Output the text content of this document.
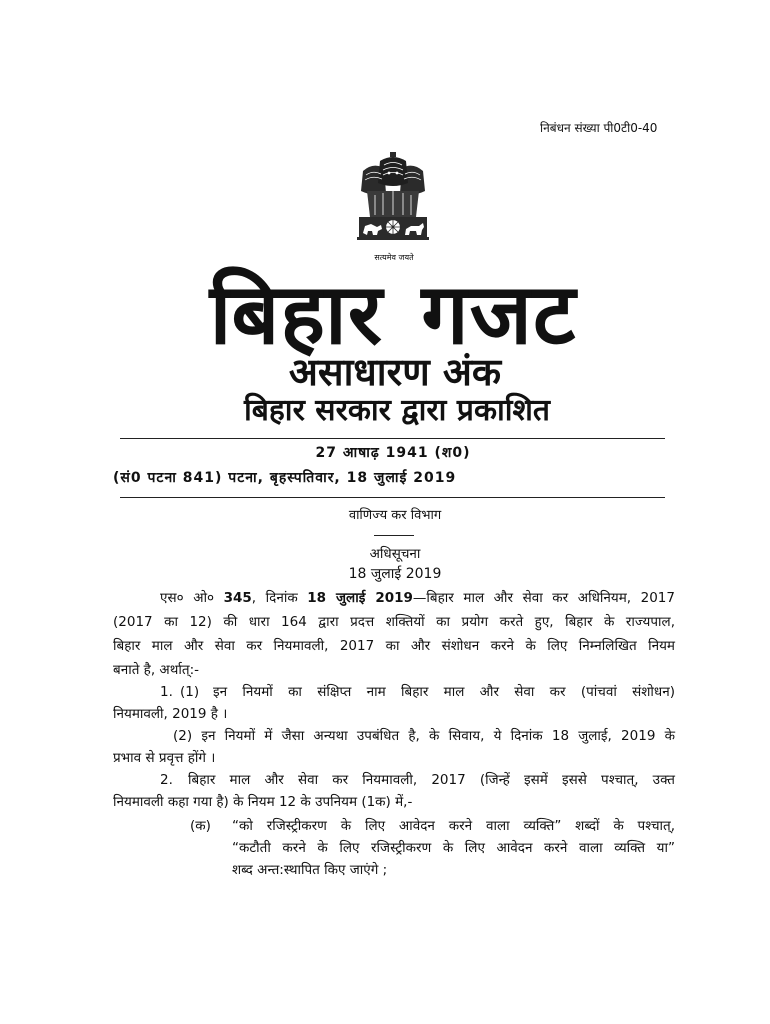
निबंधन संख्या पी0टी0-40
सत्यमेव जयते
बिहार गजट
असाधारण अंक
बिहार सरकार द्वारा प्रकाशित
27 आषाढ़ 1941 (श0)
(सं0 पटना 841) पटना, बृहस्पतिवार, 18 जुलाई 2019
वाणिज्य कर विभाग
अधिसूचना
18 जुलाई 2019
एस० ओ० 345, दिनांक 18 जुलाई 2019—बिहार माल और सेवा कर अधिनियम, 2017
(2017 का 12) की धारा 164 द्वारा प्रदत्त शक्तियों का प्रयोग करते हुए, बिहार के राज्यपाल,
बिहार माल और सेवा कर नियमावली, 2017 का और संशोधन करने के लिए निम्नलिखित नियम
बनाते है, अर्थात्:-
1. (1) इन नियमों का संक्षिप्त नाम बिहार माल और सेवा कर (पांचवां संशोधन)
नियमावली, 2019 है ।
(2) इन नियमों में जैसा अन्यथा उपबंधित है, के सिवाय, ये दिनांक 18 जुलाई, 2019 के
प्रभाव से प्रवृत्त होंगे ।
2. बिहार माल और सेवा कर नियमावली, 2017 (जिन्हें इसमें इससे पश्चात्, उक्त
नियमावली कहा गया है) के नियम 12 के उपनियम (1क) में,-
(क) “को रजिस्ट्रीकरण के लिए आवेदन करने वाला व्यक्ति” शब्दों के पश्चात्,
“कटौती करने के लिए रजिस्ट्रीकरण के लिए आवेदन करने वाला व्यक्ति या”
शब्द अन्त:स्थापित किए जाएंगे ;
